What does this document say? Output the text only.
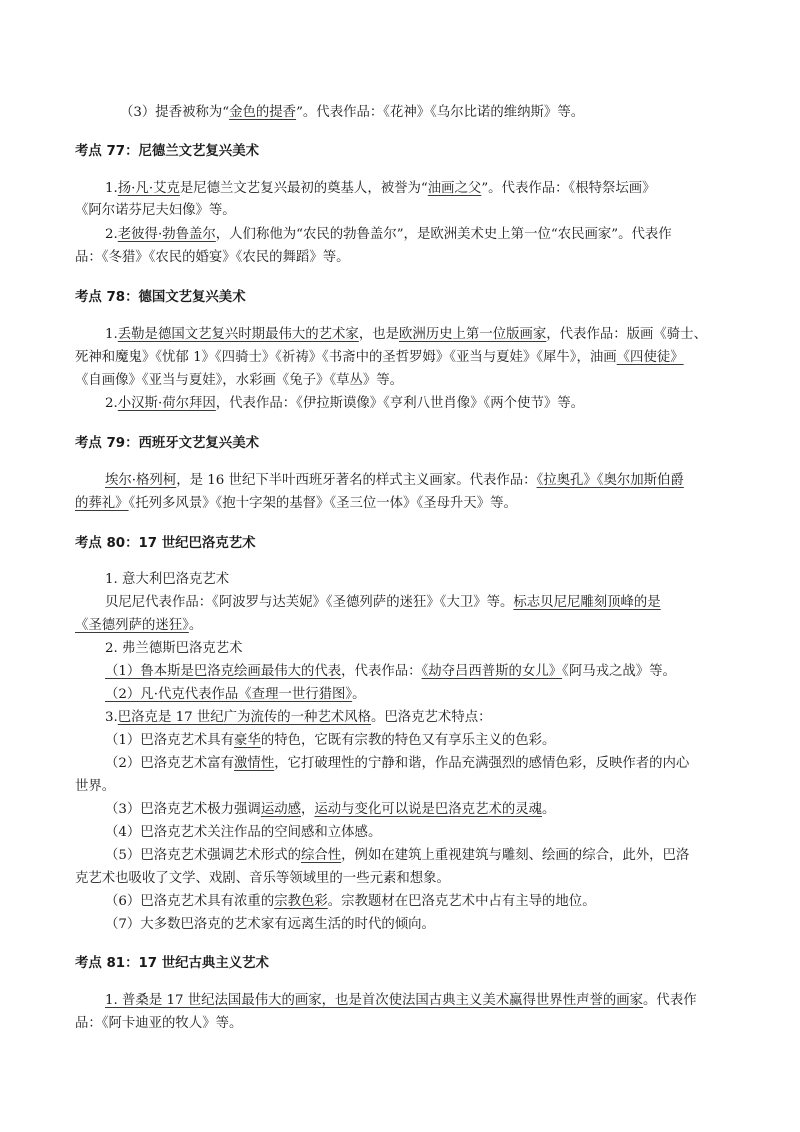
（3）提香被称为“金色的提香”。代表作品：《花神》《乌尔比诺的维纳斯》等。
考点 77：尼德兰文艺复兴美术
1.扬·凡·艾克是尼德兰文艺复兴最初的奠基人，被誉为“油画之父”。代表作品：《根特祭坛画》
《阿尔诺芬尼夫妇像》等。
2.老彼得·勃鲁盖尔，人们称他为“农民的勃鲁盖尔”，是欧洲美术史上第一位“农民画家”。代表作
品：《冬猎》《农民的婚宴》《农民的舞蹈》等。
考点 78：德国文艺复兴美术
1.丢勒是德国文艺复兴时期最伟大的艺术家，也是欧洲历史上第一位版画家，代表作品：版画《骑士、
死神和魔鬼》《忧郁 1》《四骑士》《祈祷》《书斋中的圣哲罗姆》《亚当与夏娃》《犀牛》，油画《四使徒》
《自画像》《亚当与夏娃》，水彩画《兔子》《草丛》等。
2.小汉斯·荷尔拜因，代表作品：《伊拉斯谟像》《亨利八世肖像》《两个使节》等。
考点 79：西班牙文艺复兴美术
埃尔·格列柯，是 16 世纪下半叶西班牙著名的样式主义画家。代表作品：《拉奥孔》《奥尔加斯伯爵
的葬礼》《托列多风景》《抱十字架的基督》《圣三位一体》《圣母升天》等。
考点 80：17 世纪巴洛克艺术
1. 意大利巴洛克艺术
贝尼尼代表作品：《阿波罗与达芙妮》《圣德列萨的迷狂》《大卫》等。标志贝尼尼雕刻顶峰的是
《圣德列萨的迷狂》。
2. 弗兰德斯巴洛克艺术
（1）鲁本斯是巴洛克绘画最伟大的代表，代表作品：《劫夺吕西普斯的女儿》《阿马戎之战》等。
（2）凡·代克代表作品《查理一世行猎图》。
3.巴洛克是 17 世纪广为流传的一种艺术风格。巴洛克艺术特点：
（1）巴洛克艺术具有豪华的特色，它既有宗教的特色又有享乐主义的色彩。
（2）巴洛克艺术富有激情性，它打破理性的宁静和谐，作品充满强烈的感情色彩，反映作者的内心
世界。
（3）巴洛克艺术极力强调运动感，运动与变化可以说是巴洛克艺术的灵魂。
（4）巴洛克艺术关注作品的空间感和立体感。
（5）巴洛克艺术强调艺术形式的综合性，例如在建筑上重视建筑与雕刻、绘画的综合，此外，巴洛
克艺术也吸收了文学、戏剧、音乐等领域里的一些元素和想象。
（6）巴洛克艺术具有浓重的宗教色彩。宗教题材在巴洛克艺术中占有主导的地位。
（7）大多数巴洛克的艺术家有远离生活的时代的倾向。
考点 81：17 世纪古典主义艺术
1. 普桑是 17 世纪法国最伟大的画家，也是首次使法国古典主义美术赢得世界性声誉的画家。代表作
品：《阿卡迪亚的牧人》等。
